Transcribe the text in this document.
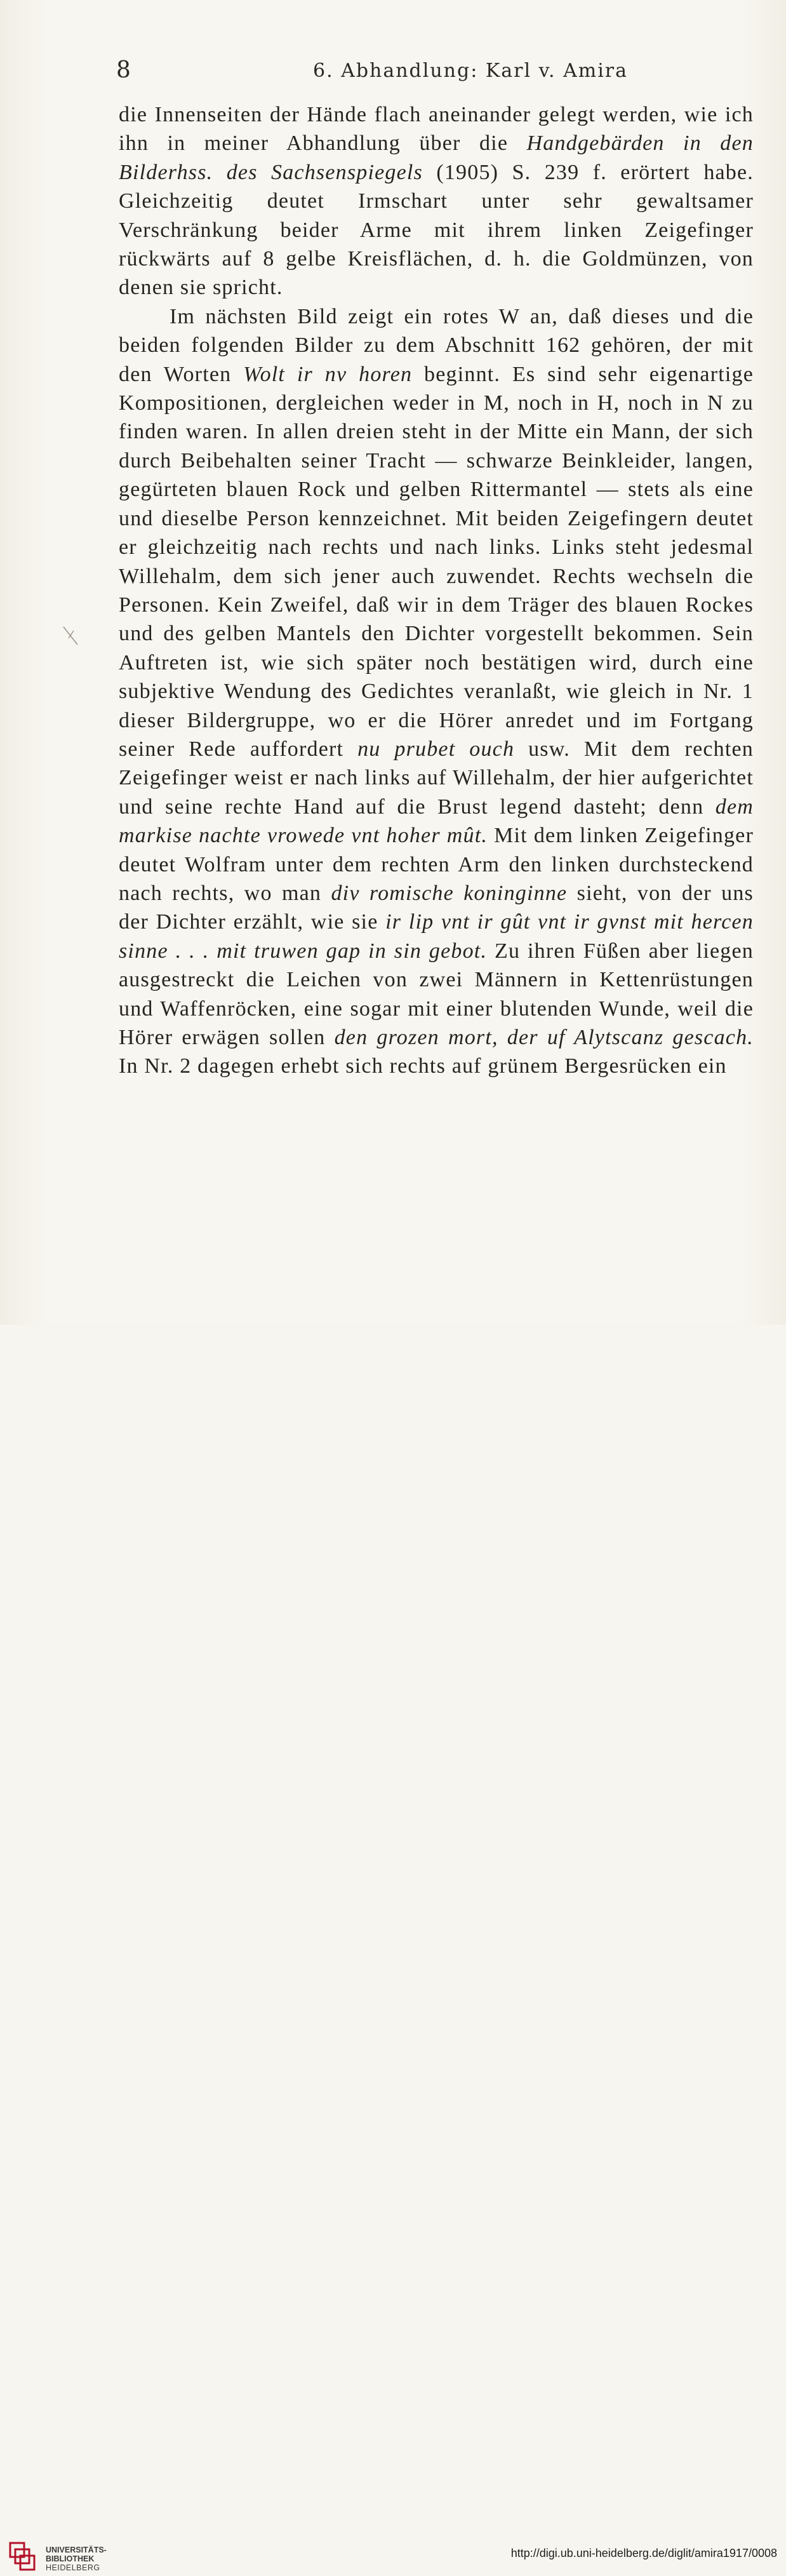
8	6. Abhandlung: Karl v. Amira

die Innenseiten der Hände flach aneinander gelegt werden, wie ich ihn in meiner Abhandlung über die Handgebärden in den Bilderhss. des Sachsenspiegels (1905) S. 239 f. erörtert habe. Gleichzeitig deutet Irmschart unter sehr gewaltsamer Verschränkung beider Arme mit ihrem linken Zeigefinger rückwärts auf 8 gelbe Kreisflächen, d. h. die Goldmünzen, von denen sie spricht.

Im nächsten Bild zeigt ein rotes W an, daß dieses und die beiden folgenden Bilder zu dem Abschnitt 162 gehören, der mit den Worten Wolt ir nv horen beginnt. Es sind sehr eigenartige Kompositionen, dergleichen weder in M, noch in H, noch in N zu finden waren. In allen dreien steht in der Mitte ein Mann, der sich durch Beibehalten seiner Tracht — schwarze Beinkleider, langen, gegürteten blauen Rock und gelben Rittermantel — stets als eine und dieselbe Person kennzeichnet. Mit beiden Zeigefingern deutet er gleichzeitig nach rechts und nach links. Links steht jedesmal Willehalm, dem sich jener auch zuwendet. Rechts wechseln die Personen. Kein Zweifel, daß wir in dem Träger des blauen Rockes und des gelben Mantels den Dichter vorgestellt bekommen. Sein Auftreten ist, wie sich später noch bestätigen wird, durch eine subjektive Wendung des Gedichtes veranlaßt, wie gleich in Nr. 1 dieser Bildergruppe, wo er die Hörer anredet und im Fortgang seiner Rede auffordert nu prubet ouch usw. Mit dem rechten Zeigefinger weist er nach links auf Willehalm, der hier aufgerichtet und seine rechte Hand auf die Brust legend dasteht; denn dem markise nachte vrowede vnt hoher mût. Mit dem linken Zeigefinger deutet Wolfram unter dem rechten Arm den linken durchsteckend nach rechts, wo man div romische koninginne sieht, von der uns der Dichter erzählt, wie sie ir lip vnt ir gût vnt ir gvnst mit hercen sinne . . . mit truwen gap in sin gebot. Zu ihren Füßen aber liegen ausgestreckt die Leichen von zwei Männern in Kettenrüstungen und Waffenröcken, eine sogar mit einer blutenden Wunde, weil die Hörer erwägen sollen den grozen mort, der uf Alytscanz gescach. In Nr. 2 dagegen erhebt sich rechts auf grünem Bergesrücken ein

UNIVERSITÄTS-
BIBLIOTHEK
HEIDELBERG
http://digi.ub.uni-heidelberg.de/diglit/amira1917/0008
